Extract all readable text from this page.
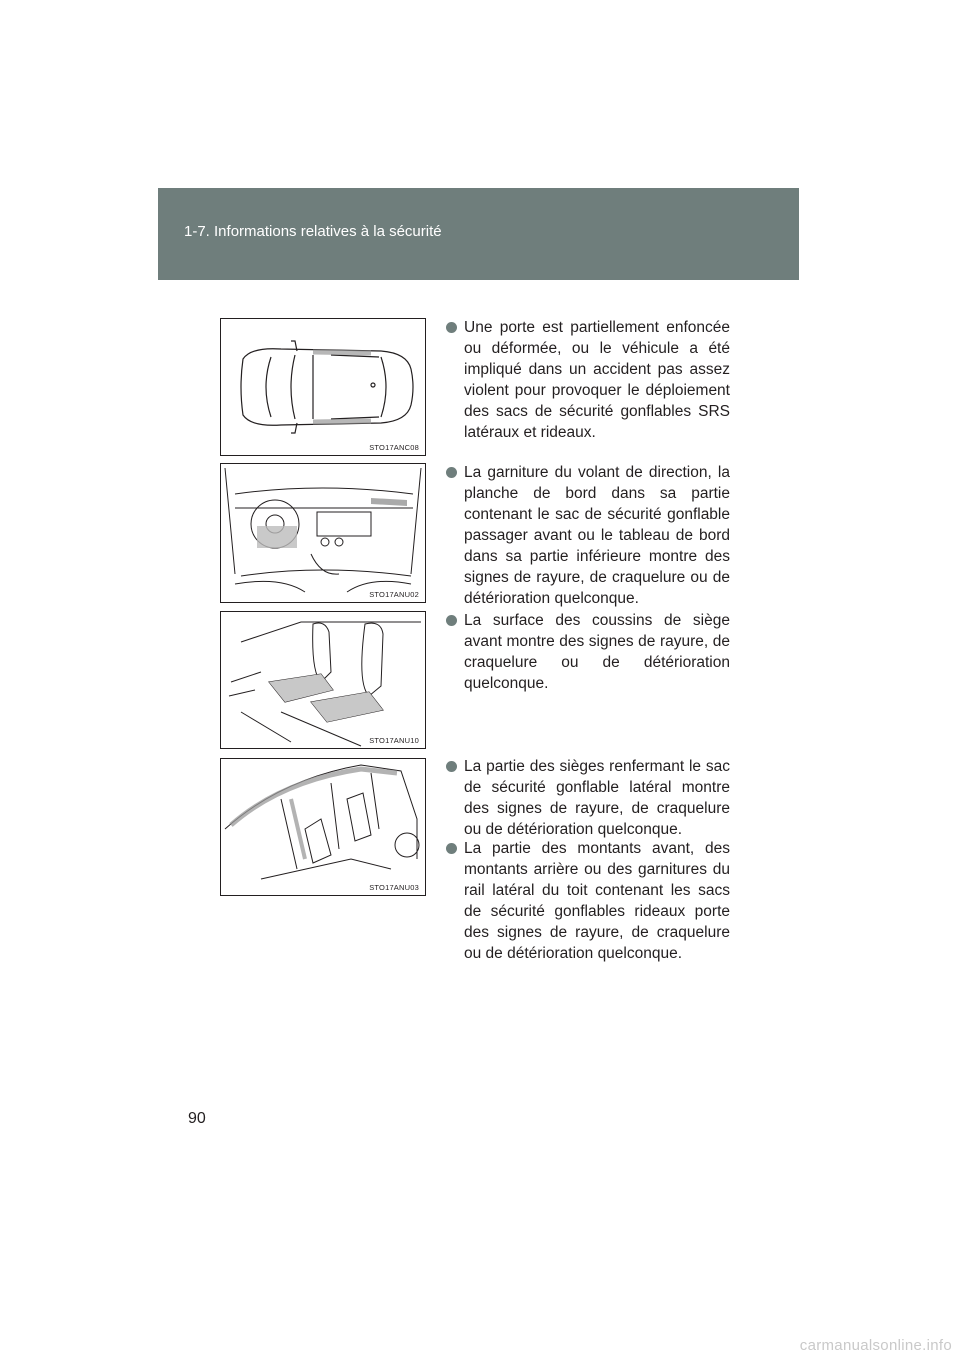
1-7. Informations relatives à la sécurité
STO17ANC08
STO17ANU02
STO17ANU10
STO17ANU03
Une porte est partiellement enfoncée ou déformée, ou le véhicule a été impliqué dans un accident pas assez violent pour provoquer le déploiement des sacs de sécurité gonflables SRS latéraux et rideaux.
La garniture du volant de direction, la planche de bord dans sa partie contenant le sac de sécurité gonflable passager avant ou le tableau de bord dans sa partie inférieure montre des signes de rayure, de craquelure ou de détérioration quelconque.
La surface des coussins de siège avant montre des signes de rayure, de craquelure ou de détérioration quelconque.
La partie des sièges renfermant le sac de sécurité gonflable latéral montre des signes de rayure, de craquelure ou de détérioration quelconque.
La partie des montants avant, des montants arrière ou des garnitures du rail latéral du toit contenant les sacs de sécurité gonflables rideaux porte des signes de rayure, de craquelure ou de détérioration quelconque.
90
carmanualsonline.info
